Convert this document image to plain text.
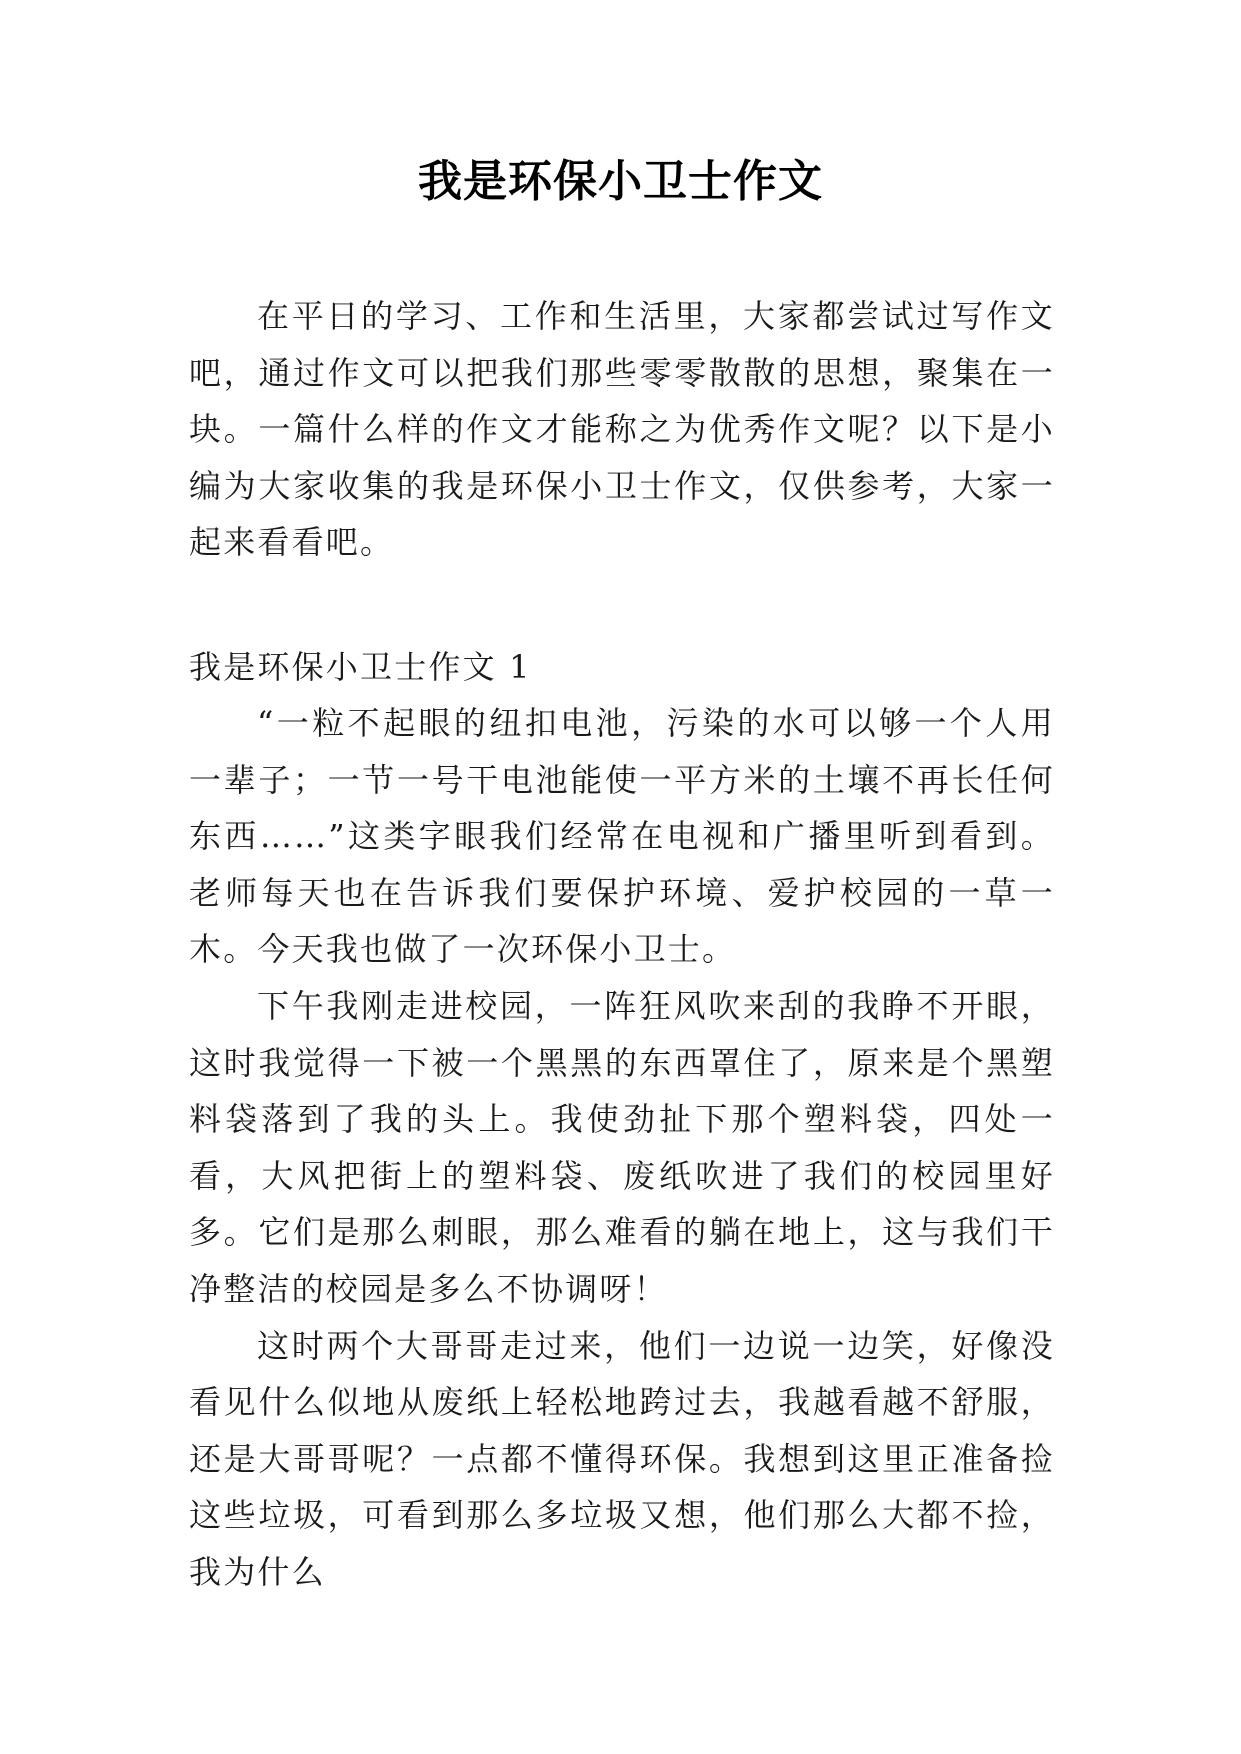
我是环保小卫士作文

在平日的学习、工作和生活里，大家都尝试过写作文吧，通过作文可以把我们那些零零散散的思想，聚集在一块。一篇什么样的作文才能称之为优秀作文呢？以下是小编为大家收集的我是环保小卫士作文，仅供参考，大家一起来看看吧。

我是环保小卫士作文 1

“一粒不起眼的纽扣电池，污染的水可以够一个人用一辈子；一节一号干电池能使一平方米的土壤不再长任何东西……”这类字眼我们经常在电视和广播里听到看到。老师每天也在告诉我们要保护环境、爱护校园的一草一木。今天我也做了一次环保小卫士。

下午我刚走进校园，一阵狂风吹来刮的我睁不开眼，这时我觉得一下被一个黑黑的东西罩住了，原来是个黑塑料袋落到了我的头上。我使劲扯下那个塑料袋，四处一看，大风把街上的塑料袋、废纸吹进了我们的校园里好多。它们是那么刺眼，那么难看的躺在地上，这与我们干净整洁的校园是多么不协调呀！

这时两个大哥哥走过来，他们一边说一边笑，好像没看见什么似地从废纸上轻松地跨过去，我越看越不舒服，还是大哥哥呢？一点都不懂得环保。我想到这里正准备捡这些垃圾，可看到那么多垃圾又想，他们那么大都不捡，我为什么
